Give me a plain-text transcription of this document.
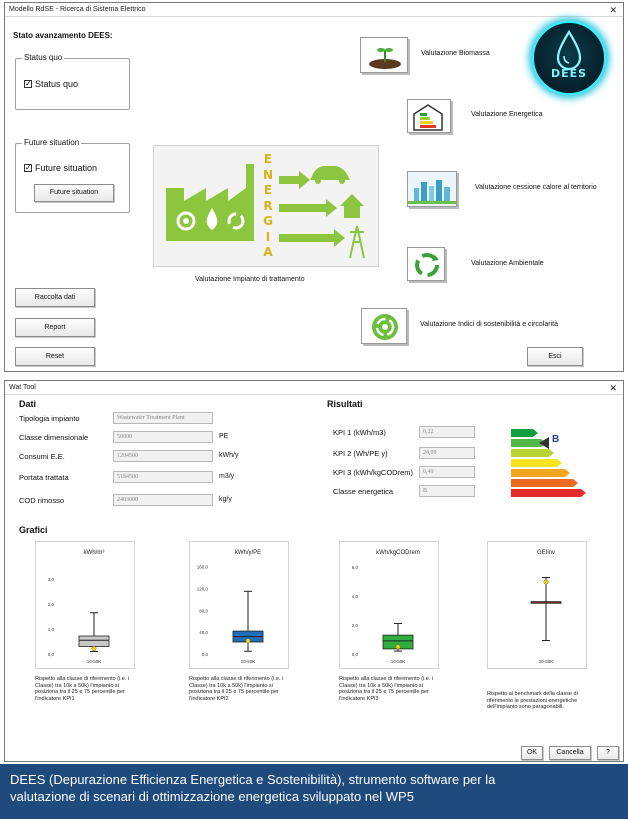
Modello RdSE - Ricerca di Sistema Elettrico	✕
Stato avanzamento DEES:
Status quo
✓ Status quo
Future situation
✓ Future situation
Future situation
E
N
E
R
G
I
A
Valutazione Impianto di trattamento
Raccolta dati
Report
Reset
Valutazione Biomassa
Valutazione Energetica
Valutazione cessione calore al territorio
Valutazione Ambientale
Valutazione Indici di sostenibilità e circolarità
Esci
DEES
Wat Tool	✕
Dati
Tipologia impianto	Wastewater Treatment Plant
Classe dimensionale	50000	PE
Consumi E.E.	1204500	kWh/y
Portata trattata	5184500	m3/y
COD rimosso	2483000	kg/y
Risultati
KPI 1 (kWh/m3)	0,22
KPI 2 (Wh/PE y)	24,09
KPI 3 (kWh/kgCODrem)	0,49
Classe energetica	B
B
Grafici
kWh/m³
0,0
1,0
2,0
3,0
10-50K
Rispetto alla classe di riferimento (i.e. i Classe) tra 10k a 50k) l'impianto si posiziona tra il 25 e 75 percentile per l'indicatore KPI1
kWh/y/PE
0,0
40,0
80,0
120,0
160,0
10-50K
Rispetto alla classe di riferimento (i.e. i Classe) tra 10k a 50k) l'impianto si posiziona tra il 25 e 75 percentile per l'indicatore KPI2
kWh/kgCODrem
0,0
2,0
4,0
6,0
10-50K
Rispetto alla classe di riferimento (i.e. i Classe) tra 10k a 50k) l'impianto si posiziona tra il 25 e 75 percentile per l'indicatore KPI3
GEIinv
10-50K
Rispetto al benchmark della classe di riferimento le prestazioni energetiche dell'impianto sono paragonabili.
OK	Cancella	?
DEES (Depurazione Efficienza Energetica e Sostenibilità), strumento software per la
valutazione di scenari di ottimizzazione energetica sviluppato nel WP5
